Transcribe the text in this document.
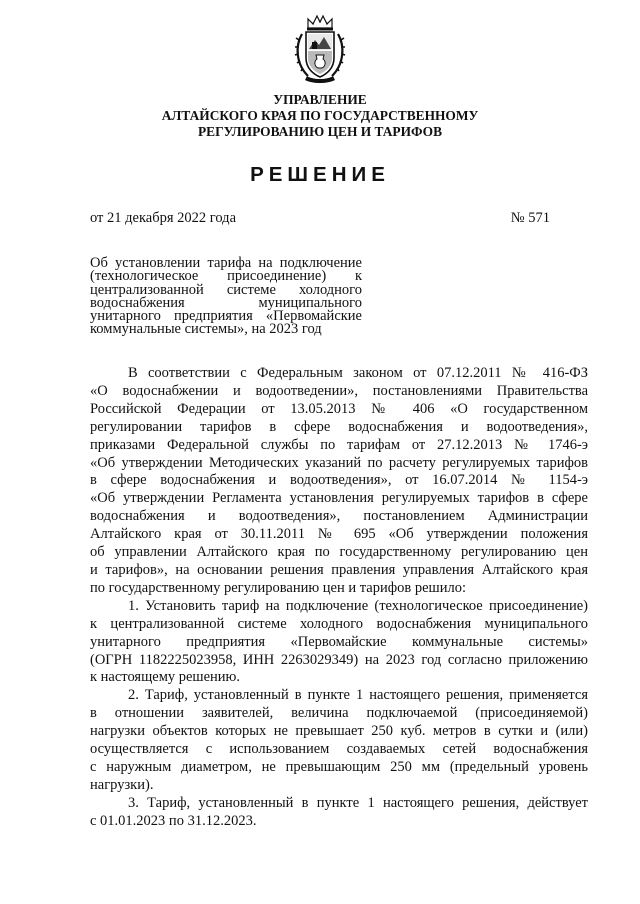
УПРАВЛЕНИЕ
АЛТАЙСКОГО КРАЯ ПО ГОСУДАРСТВЕННОМУ
РЕГУЛИРОВАНИЮ ЦЕН И ТАРИФОВ
РЕШЕНИЕ
от 21 декабря 2022 года	№ 571
Об установлении тарифа на подключение
(технологическое присоединение) к
централизованной системе холодного
водоснабжения муниципального
унитарного предприятия «Первомайские
коммунальные системы», на 2023 год
В соответствии с Федеральным законом от 07.12.2011 № 416-ФЗ
«О водоснабжении и водоотведении», постановлениями Правительства
Российской Федерации от 13.05.2013 № 406 «О государственном
регулировании тарифов в сфере водоснабжения и водоотведения»,
приказами Федеральной службы по тарифам от 27.12.2013 № 1746-э
«Об утверждении Методических указаний по расчету регулируемых тарифов
в сфере водоснабжения и водоотведения», от 16.07.2014 № 1154-э
«Об утверждении Регламента установления регулируемых тарифов в сфере
водоснабжения и водоотведения», постановлением Администрации
Алтайского края от 30.11.2011 № 695 «Об утверждении положения
об управлении Алтайского края по государственному регулированию цен
и тарифов», на основании решения правления управления Алтайского края
по государственному регулированию цен и тарифов решило:
1. Установить тариф на подключение (технологическое присоединение)
к централизованной системе холодного водоснабжения муниципального
унитарного предприятия «Первомайские коммунальные системы»
(ОГРН 1182225023958, ИНН 2263029349) на 2023 год согласно приложению
к настоящему решению.
2. Тариф, установленный в пункте 1 настоящего решения, применяется
в отношении заявителей, величина подключаемой (присоединяемой)
нагрузки объектов которых не превышает 250 куб. метров в сутки и (или)
осуществляется с использованием создаваемых сетей водоснабжения
с наружным диаметром, не превышающим 250 мм (предельный уровень
нагрузки).
3. Тариф, установленный в пункте 1 настоящего решения, действует
с 01.01.2023 по 31.12.2023.
